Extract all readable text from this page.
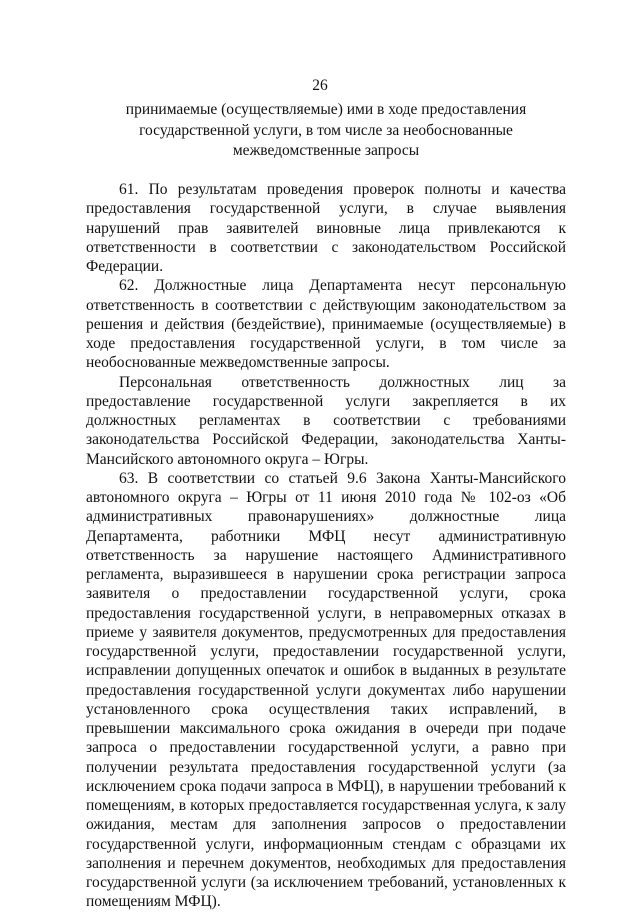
26
принимаемые (осуществляемые) ими в ходе предоставления
государственной услуги, в том числе за необоснованные
межведомственные запросы

61. По результатам проведения проверок полноты и качества предоставления государственной услуги, в случае выявления нарушений прав заявителей виновные лица привлекаются к ответственности в соответствии с законодательством Российской Федерации.

62. Должностные лица Департамента несут персональную ответственность в соответствии с действующим законодательством за решения и действия (бездействие), принимаемые (осуществляемые) в ходе предоставления государственной услуги, в том числе за необоснованные межведомственные запросы.

Персональная ответственность должностных лиц за предоставление государственной услуги закрепляется в их должностных регламентах в соответствии с требованиями законодательства Российской Федерации, законодательства Ханты-Мансийского автономного округа – Югры.

63. В соответствии со статьей 9.6 Закона Ханты-Мансийского автономного округа – Югры от 11 июня 2010 года № 102-оз «Об административных правонарушениях» должностные лица Департамента, работники МФЦ несут административную ответственность за нарушение настоящего Административного регламента, выразившееся в нарушении срока регистрации запроса заявителя о предоставлении государственной услуги, срока предоставления государственной услуги, в неправомерных отказах в приеме у заявителя документов, предусмотренных для предоставления государственной услуги, предоставлении государственной услуги, исправлении допущенных опечаток и ошибок в выданных в результате предоставления государственной услуги документах либо нарушении установленного срока осуществления таких исправлений, в превышении максимального срока ожидания в очереди при подаче запроса о предоставлении государственной услуги, а равно при получении результата предоставления государственной услуги (за исключением срока подачи запроса в МФЦ), в нарушении требований к помещениям, в которых предоставляется государственная услуга, к залу ожидания, местам для заполнения запросов о предоставлении государственной услуги, информационным стендам с образцами их заполнения и перечнем документов, необходимых для предоставления государственной услуги (за исключением требований, установленных к помещениям МФЦ).
